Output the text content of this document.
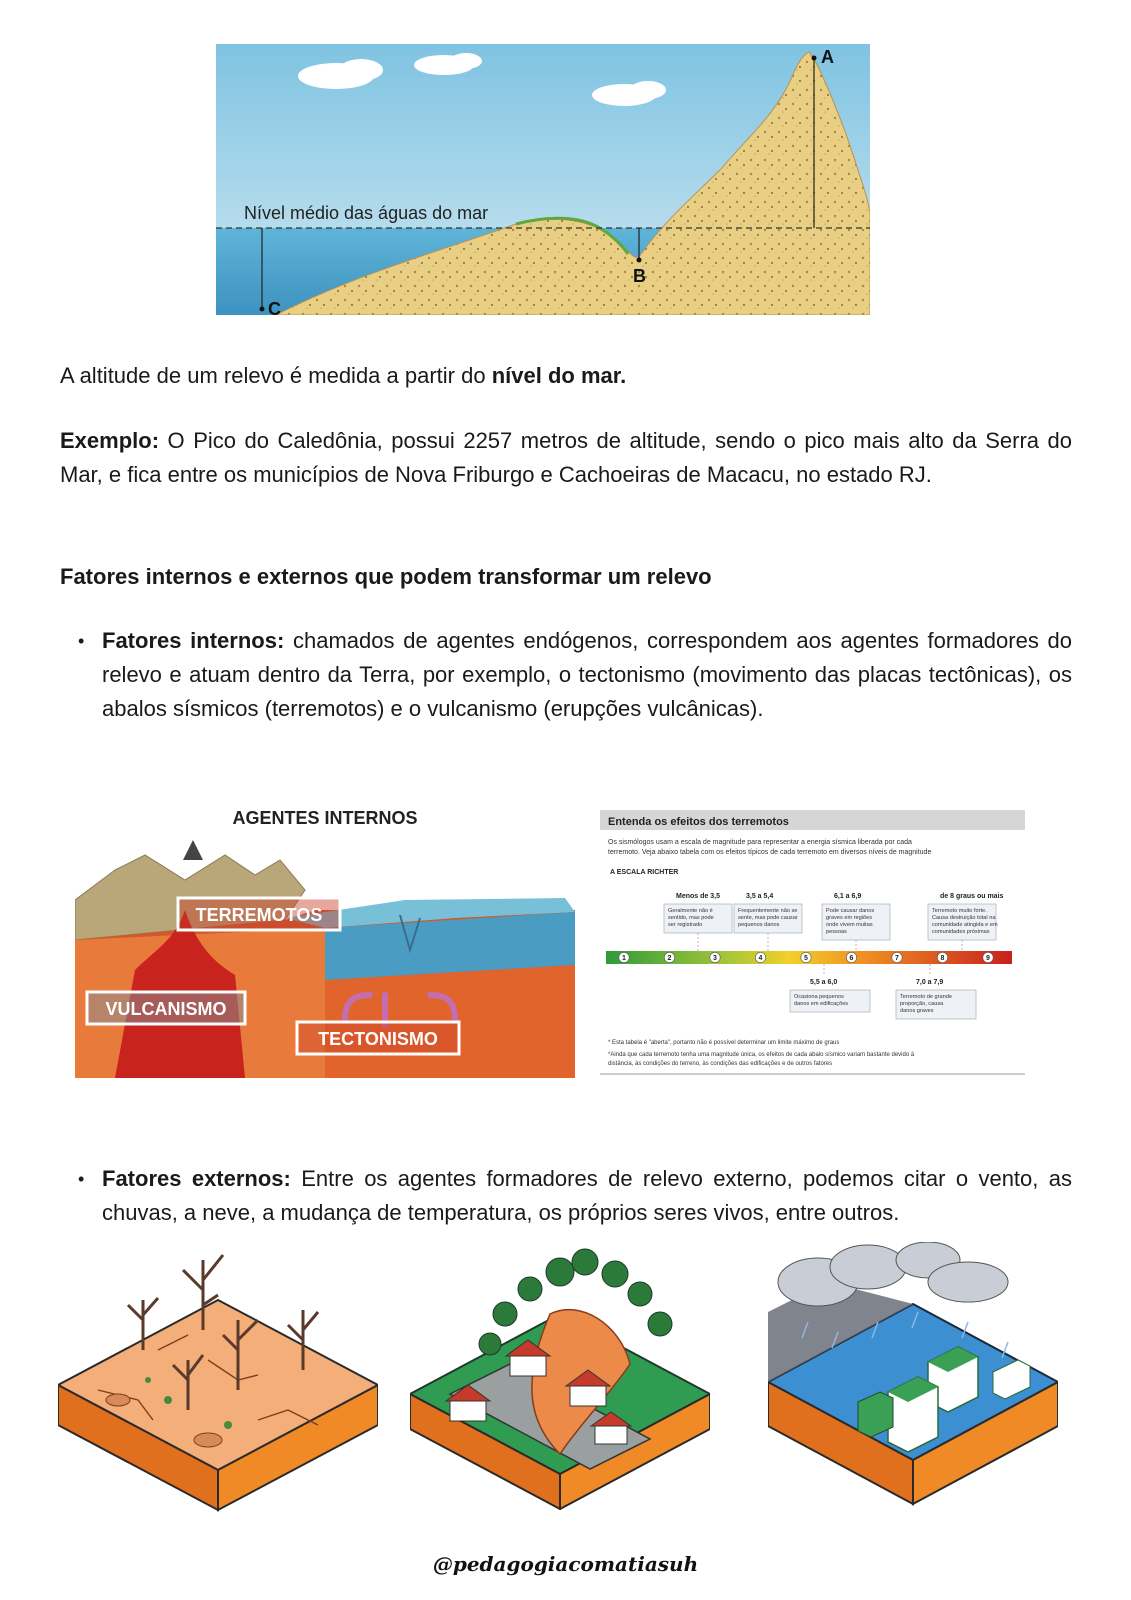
Nível médio das águas do mar
A
B
C
A altitude de um relevo é medida a partir do nível do mar.
Exemplo: O Pico do Caledônia, possui 2257 metros de altitude, sendo o pico mais alto da Serra do Mar, e fica entre os municípios de Nova Friburgo e Cachoeiras de Macacu, no estado RJ.
Fatores internos e externos que podem transformar um relevo
• Fatores internos: chamados de agentes endógenos, correspondem aos agentes formadores do relevo e atuam dentro da Terra, por exemplo, o tectonismo (movimento das placas tectônicas), os abalos sísmicos (terremotos) e o vulcanismo (erupções vulcânicas).
AGENTES INTERNOS
TERREMOTOS
VULCANISMO
TECTONISMO
Entenda os efeitos dos terremotos
Os sismólogos usam a escala de magnitude para representar a energia sísmica liberada por cada
terremoto. Veja abaixo tabela com os efeitos típicos de cada terremoto em diversos níveis de magnitude
A ESCALA RICHTER
Menos de 3,5
Geralmente não é
sentido, mas pode
ser registrado
3,5 a 5,4
Frequentemente não se
sente, mas pode causar
pequenos danos
6,1 a 6,9
Pode causar danos
graves em regiões
onde vivem muitas
pessoas
de 8 graus ou mais
Terremoto muito forte.
Causa destruição total na
comunidade atingida e em
comunidades próximas
5,5 a 6,0
Ocasiona pequenos
danos em edificações
7,0 a 7,9
Terremoto de grande
proporção, causa
danos graves
1	2	3	4	5	6	7	8	9
* Esta tabela é "aberta", portanto não é possível determinar um limite máximo de graus
*Ainda que cada terremoto tenha uma magnitude única, os efeitos de cada abalo sísmico variam bastante devido à
distância, às condições do terreno, às condições das edificações e de outros fatores
• Fatores externos: Entre os agentes formadores de relevo externo, podemos citar o vento, as chuvas, a neve, a mudança de temperatura, os próprios seres vivos, entre outros.
@pedagogiacomatiasuh
